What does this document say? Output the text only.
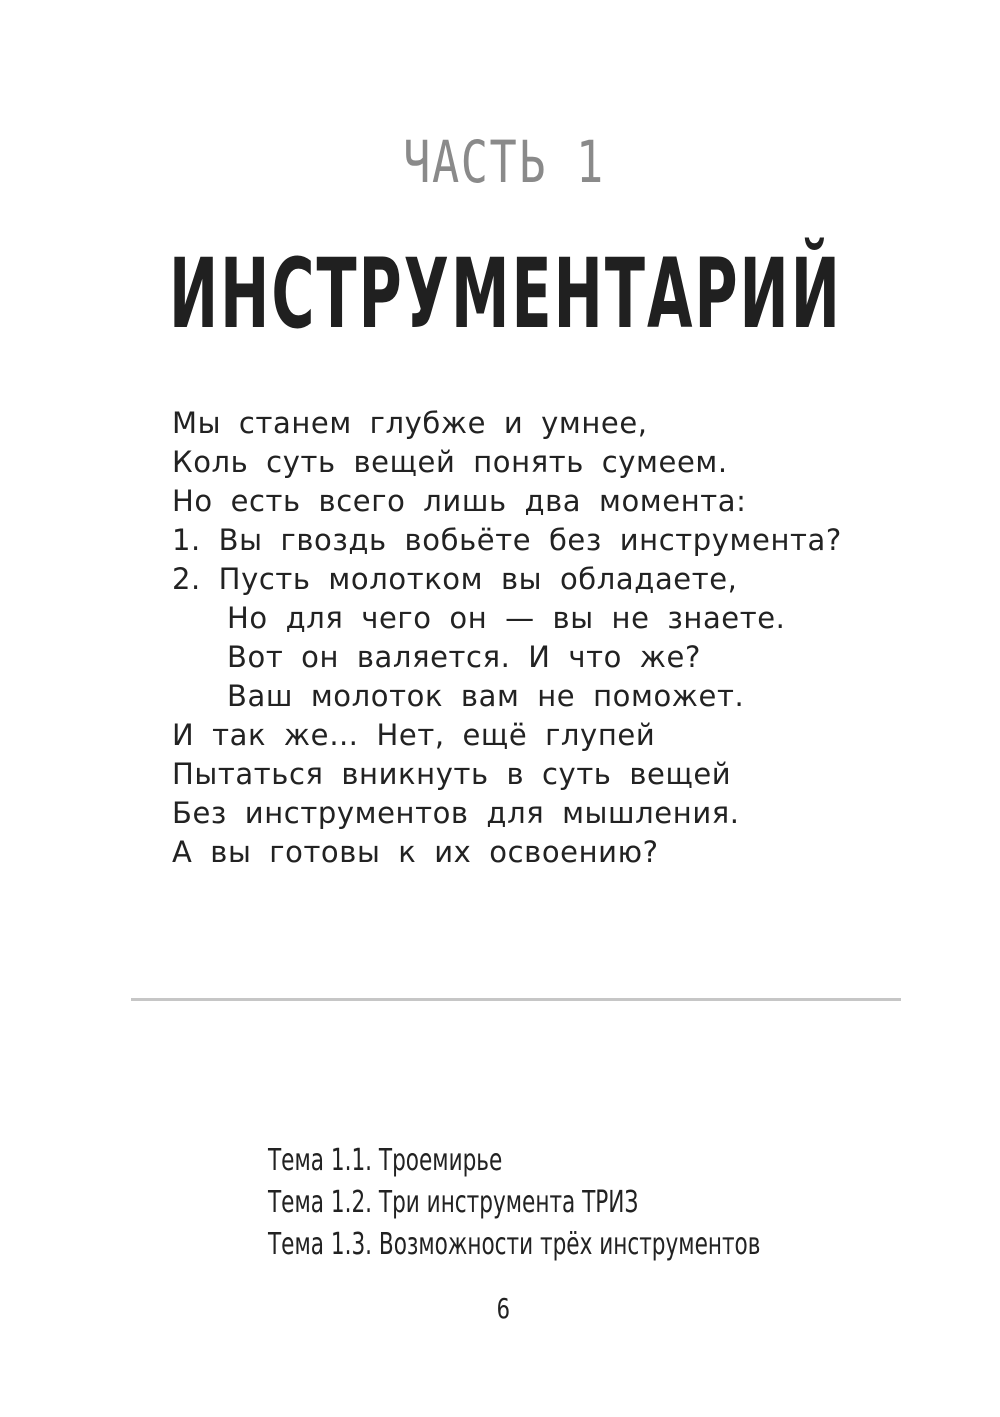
ЧАСТЬ 1
ИНСТРУМЕНТАРИЙ
Мы станем глубже и умнее,
Коль суть вещей понять сумеем.
Но есть всего лишь два момента:
1. Вы гвоздь вобьёте без инструмента?
2. Пусть молотком вы обладаете,
Но для чего он — вы не знаете.
Вот он валяется. И что же?
Ваш молоток вам не поможет.
И так же… Нет, ещё глупей
Пытаться вникнуть в суть вещей
Без инструментов для мышления.
А вы готовы к их освоению?
Тема 1.1. Троемирье
Тема 1.2. Три инструмента ТРИЗ
Тема 1.3. Возможности трёх инструментов
6
